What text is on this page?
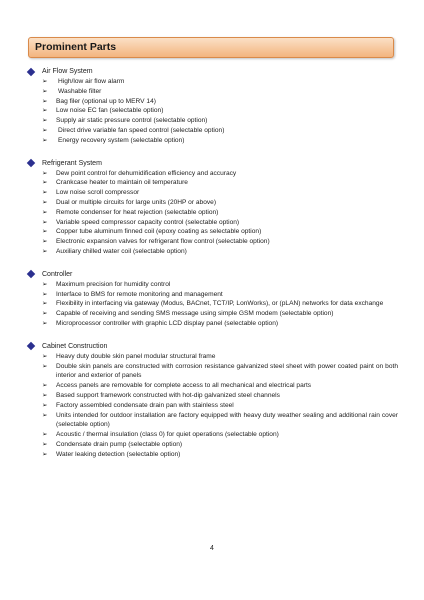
Prominent Parts
Air Flow System
➢	High/low air flow alarm
➢	Washable filter
➢	Bag filer (optional up to MERV 14)
➢	Low noise EC fan (selectable option)
➢	Supply air static pressure control (selectable option)
➢	Direct drive variable fan speed control (selectable option)
➢	Energy recovery system (selectable option)
Refrigerant System
➢	Dew point control for dehumidification efficiency and accuracy
➢	Crankcase heater to maintain oil temperature
➢	Low noise scroll compressor
➢	Dual or multiple circuits for large units (20HP or above)
➢	Remote condenser for heat rejection (selectable option)
➢	Variable speed compressor capacity control (selectable option)
➢	Copper tube aluminum finned coil (epoxy coating as selectable option)
➢	Electronic expansion valves for refrigerant flow control (selectable option)
➢	Auxiliary chilled water coil (selectable option)
Controller
➢	Maximum precision for humidity control
➢	Interface to BMS for remote monitoring and management
➢	Flexibility in interfacing via gateway (Modus, BACnet, TCT/IP, LonWorks), or (pLAN) networks for data exchange
➢	Capable of receiving and sending SMS message using simple GSM modem (selectable option)
➢	Microprocessor controller with graphic LCD display panel (selectable option)
Cabinet Construction
➢	Heavy duty double skin panel modular structural frame
➢	Double skin panels are constructed with corrosion resistance galvanized steel sheet with power coated paint on both interior and exterior of panels
➢	Access panels are removable for complete access to all mechanical and electrical parts
➢	Based support framework constructed with hot-dip galvanized steel channels
➢	Factory assembled condensate drain pan with stainless steel
➢	Units intended for outdoor installation are factory equipped with heavy duty weather sealing and additional rain cover (selectable option)
➢	Acoustic / thermal insulation (class 0) for quiet operations (selectable option)
➢	Condensate drain pump (selectable option)
➢	Water leaking detection (selectable option)
4
